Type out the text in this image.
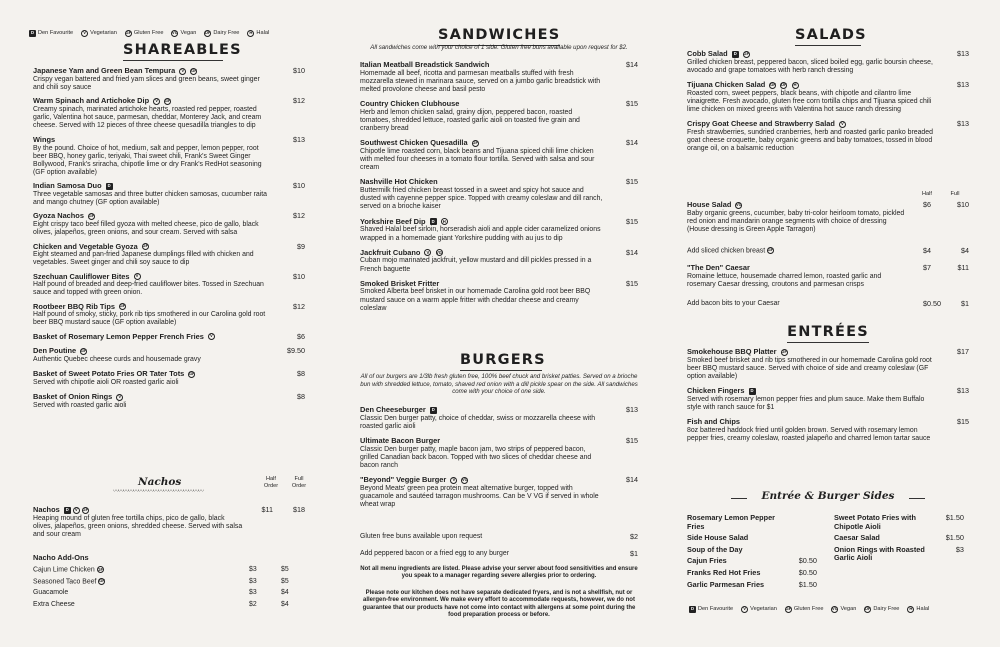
D Den Favourite	V Vegetarian GF Gluten Free VG Vegan DF Dairy Free	H Halal
SHAREABLES
Japanese Yam and Green Bean Tempura V GF	$10
Crispy vegan battered and fried yam slices and green beans, sweet ginger and chili soy sauce
Warm Spinach and Artichoke Dip V GF	$12
Creamy spinach, marinated artichoke hearts, roasted red pepper, roasted garlic, Valentina hot sauce, parmesan, cheddar, Monterey Jack, and cream cheese. Served with 12 pieces of three cheese quesadilla triangles to dip
Wings	$13
By the pound. Choice of hot, medium, salt and pepper, lemon pepper, root beer BBQ, honey garlic, teriyaki, Thai sweet chili, Frank's Sweet Ginger Bollywood, Frank's sriracha, chipotle lime or dry Frank's RedHot seasoning (GF option available)
Indian Samosa Duo D	$10
Three vegetable samosas and three butter chicken samosas, cucumber raita and mango chutney (GF option available)
Gyoza Nachos GF	$12
Eight crispy taco beef filled gyoza with melted cheese, pico de gallo, black olives, jalapeños, green onions, and sour cream. Served with salsa
Chicken and Vegetable Gyoza GF	$9
Eight steamed and pan-fried Japanese dumplings filled with chicken and vegetables. Sweet ginger and chili soy sauce to dip
Szechuan Cauliflower Bites V	$10
Half pound of breaded and deep-fried cauliflower bites. Tossed in Szechuan sauce and topped with green onion.
Rootbeer BBQ Rib Tips GF	$12
Half pound of smoky, sticky, pork rib tips smothered in our Carolina gold root beer BBQ mustard sauce (GF option available)
Basket of Rosemary Lemon Pepper French Fries V	$6
Den Poutine GF	$9.50
Authentic Quebec cheese curds and housemade gravy
Basket of Sweet Potato Fries OR Tater Tots GF	$8
Served with chipotle aioli OR roasted garlic aioli
Basket of Onion Rings V	$8
Served with roasted garlic aioli
Nachos
〰〰〰〰〰〰〰〰〰〰〰〰〰〰〰〰〰〰
Half Order
Full Order
Nachos D V GF	$11	$18
Heaping mound of gluten free tortilla chips, pico de gallo, black olives, jalapeños, green onions, shredded cheese. Served with salsa and sour cream
Nacho Add-Ons
Cajun Lime Chicken GF	$3	$5
Seasoned Taco Beef GF	$3	$5
Guacamole	$3	$4
Extra Cheese	$2	$4
SANDWICHES
All sandwiches come with your choice of 1 side. Gluten free buns available upon request for $2.
Italian Meatball Breadstick Sandwich	$14
Homemade all beef, ricotta and parmesan meatballs stuffed with fresh mozzarella stewed in marinara sauce, served on a jumbo garlic breadstick with melted provolone cheese and basil pesto
Country Chicken Clubhouse	$15
Herb and lemon chicken salad, grainy dijon, peppered bacon, roasted tomatoes, shredded lettuce, roasted garlic aioli on toasted five grain and cranberry bread
Southwest Chicken Quesadilla GF	$14
Chipotle lime roasted corn, black beans and Tijuana spiced chili lime chicken with melted four cheeses in a tomato flour tortilla. Served with salsa and sour cream
Nashville Hot Chicken	$15
Buttermilk fried chicken breast tossed in a sweet and spicy hot sauce and dusted with cayenne pepper spice. Topped with creamy coleslaw and dill ranch, served on a brioche kaiser
Yorkshire Beef Dip D H	$15
Shaved Halal beef sirloin, horseradish aioli and apple cider caramelized onions wrapped in a homemade giant Yorkshire pudding with au jus to dip
Jackfruit Cubano V VG	$14
Cuban mojo marinated jackfruit, yellow mustard and dill pickles pressed in a French baguette
Smoked Brisket Fritter	$15
Smoked Alberta beef brisket in our homemade Carolina gold root beer BBQ mustard sauce on a warm apple fritter with cheddar cheese and creamy coleslaw
BURGERS
All of our burgers are 1/3lb fresh gluten free, 100% beef chuck and brisket patties. Served on a brioche bun with shredded lettuce, tomato, shaved red onion with a dill pickle spear on the side. All sandwiches come with your choice of one side.
Den Cheeseburger D	$13
Classic Den burger patty, choice of cheddar, swiss or mozzarella cheese with roasted garlic aioli
Ultimate Bacon Burger	$15
Classic Den burger patty, maple bacon jam, two strips of peppered bacon, grilled Canadian back bacon. Topped with two slices of cheddar cheese and bacon ranch
"Beyond" Veggie Burger V VG	$14
Beyond Meats' green pea protein meat alternative burger, topped with guacamole and sautéed tarragon mushrooms. Can be V VG if served in whole wheat wrap
Gluten free buns available upon request	$2
Add peppered bacon or a fried egg to any burger	$1
Not all menu ingredients are listed. Please advise your server about food sensitivities and ensure you speak to a manager regarding severe allergies prior to ordering.
Please note our kitchen does not have separate dedicated fryers, and is not a shellfish, nut or allergen-free environment. We make every effort to accommodate requests, however, we do not guarantee that our products have not come into contact with allergens at some point during the food preparation process or before.
SALADS
Cobb Salad D GF	$13
Grilled chicken breast, peppered bacon, sliced boiled egg, garlic boursin cheese, avocado and grape tomatoes with herb ranch dressing
Tijuana Chicken Salad GF DF H	$13
Roasted corn, sweet peppers, black beans, with chipotle and cilantro lime vinaigrette. Fresh avocado, gluten free corn tortilla chips and Tijuana spiced chili lime chicken on mixed greens with Valentina hot sauce ranch dressing
Crispy Goat Cheese and Strawberry Salad V	$13
Fresh strawberries, sundried cranberries, herb and roasted garlic panko breaded goat cheese croquette, baby organic greens and baby tomatoes, tossed in blood orange oil, on a balsamic reduction
Half	Full
House Salad VG	$6	$10
Baby organic greens, cucumber, baby tri-color heirloom tomato, pickled red onion and mandarin orange segments with choice of dressing (House dressing is Green Apple Tarragon)
Add sliced chicken breast GF	$4	$4
"The Den" Caesar	$7	$11
Romaine lettuce, housemade charred lemon, roasted garlic and rosemary Caesar dressing, croutons and parmesan crisps
Add bacon bits to your Caesar	$0.50	$1
ENTRÉES
Smokehouse BBQ Platter GF	$17
Smoked beef brisket and rib tips smothered in our homemade Carolina gold root beer BBQ mustard sauce. Served with choice of side and creamy coleslaw (GF option available)
Chicken Fingers D	$13
Served with rosemary lemon pepper fries and plum sauce. Make them Buffalo style with ranch sauce for $1
Fish and Chips	$15
8oz battered haddock fried until golden brown. Served with rosemary lemon pepper fries, creamy coleslaw, roasted jalapeño and charred lemon tartar sauce
Entrée & Burger Sides
Rosemary Lemon Pepper Fries
Side House Salad
Soup of the Day
Cajun Fries	$0.50
Franks Red Hot Fries	$0.50
Garlic Parmesan Fries	$1.50
Sweet Potato Fries with Chipotle Aioli
$1.50
Caesar Salad	$1.50
Onion Rings with Roasted Garlic Aioli
$3
D Den Favourite	V Vegetarian GF Gluten Free VG Vegan DF Dairy Free	H Halal
